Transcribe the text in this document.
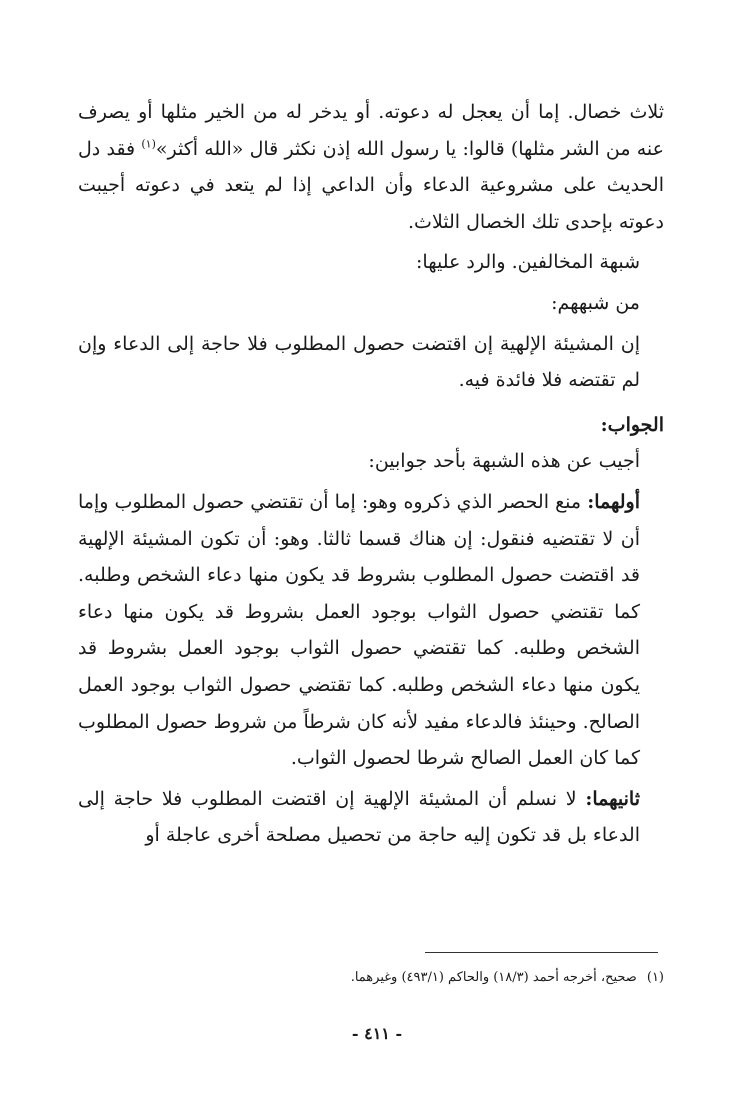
ثلاث خصال. إما أن يعجل له دعوته. أو يدخر له من الخير مثلها أو يصرف عنه من الشر مثلها) قالوا: يا رسول الله إذن نكثر قال «الله أكثر»$^{(١)}$ فقد دل الحديث على مشروعية الدعاء وأن الداعي إذا لم يتعد في دعوته أجيبت دعوته بإحدى تلك الخصال الثلاث.

شبهة المخالفين. والرد عليها:

من شبههم:

إن المشيئة الإلهية إن اقتضت حصول المطلوب فلا حاجة إلى الدعاء وإن لم تقتضه فلا فائدة فيه.

الجواب:

أجيب عن هذه الشبهة بأحد جوابين:

أولهما: منع الحصر الذي ذكروه وهو: إما أن تقتضي حصول المطلوب وإما أن لا تقتضيه فنقول: إن هناك قسما ثالثا. وهو: أن تكون المشيئة الإلهية قد اقتضت حصول المطلوب بشروط قد يكون منها دعاء الشخص وطلبه. كما تقتضي حصول الثواب بوجود العمل بشروط قد يكون منها دعاء الشخص وطلبه. كما تقتضي حصول الثواب بوجود العمل بشروط قد يكون منها دعاء الشخص وطلبه. كما تقتضي حصول الثواب بوجود العمل الصالح. وحينئذ فالدعاء مفيد لأنه كان شرطاً من شروط حصول المطلوب كما كان العمل الصالح شرطا لحصول الثواب.

ثانيهما: لا نسلم أن المشيئة الإلهية إن اقتضت المطلوب فلا حاجة إلى الدعاء بل قد تكون إليه حاجة من تحصيل مصلحة أخرى عاجلة أو

(١)صحيح، أخرجه أحمد (١٨/٣) والحاكم (٤٩٣/١) وغيرهما.
- ٤١١ -
